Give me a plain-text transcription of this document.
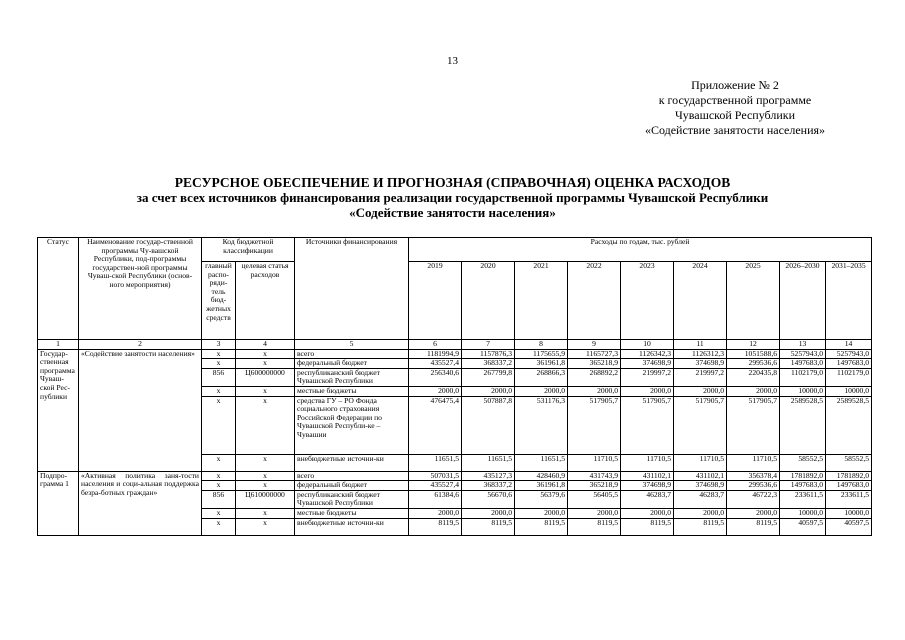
13
Приложение № 2
к государственной программе
Чувашской Республики
«Содействие занятости населения»
РЕСУРСНОЕ ОБЕСПЕЧЕНИЕ И ПРОГНОЗНАЯ (СПРАВОЧНАЯ) ОЦЕНКА РАСХОДОВ
за счет всех источников финансирования реализации государственной программы Чувашской Республики
«Содействие занятости населения»
Статус	Наименование государ-ственной программы Чу-вашской Республики, под-программы государствен-ной программы Чуваш-ской Республики (основ-ного мероприятия)	Код бюджетной классификации		Источники финансирования	Расходы по годам, тыс. рублей								
		главный распо-ряди-тель бюд-жетных средств	целевая статья расходов		2019	2020	2021	2022	2023	2024	2025	2026–2030	2031–2035
1	2	3	4	5	6	7	8	9	10	11	12	13	14
Государ-ственная программа Чуваш-ской Рес-публики	«Содействие занятости населения»	x	x	всего	1181994,9	1157876,3	1175655,9	1165727,3	1126342,3	1126312,3	1051588,6	5257943,0	5257943,0
		x	x	федеральный бюджет	435527,4	368337,2	361961,8	365218,9	374698,9	374698,9	299536,6	1497683,0	1497683,0
		856	Ц600000000	республиканский бюджет Чувашской Республики	256340,6	267799,8	268866,3	268892,2	219997,2	219997,2	220435,8	1102179,0	1102179,0
		x	x	местные бюджеты	2000,0	2000,0	2000,0	2000,0	2000,0	2000,0	2000,0	10000,0	10000,0
		x	x	средства ГУ – РО Фонда социального страхования Российской Федерации по Чувашской Республи-ке – Чувашии	476475,4	507887,8	531176,3	517905,7	517905,7	517905,7	517905,7	2589528,5	2589528,5
		x	x	внебюджетные источни-ки	11651,5	11651,5	11651,5	11710,5	11710,5	11710,5	11710,5	58552,5	58552,5
Подпро-грамма 1	«Активная политика заня-тости населения и соци-альная поддержка безра-ботных граждан»	x	x	всего	507031,5	435127,3	428460,9	431743,9	431102,1	431102,1	356378,4	1781892,0	1781892,0
		x	x	федеральный бюджет	435527,4	368337,2	361961,8	365218,9	374698,9	374698,9	299536,6	1497683,0	1497683,0
		856	Ц610000000	республиканский бюджет Чувашской Республики	61384,6	56670,6	56379,6	56405,5	46283,7	46283,7	46722,3	233611,5	233611,5
		x	x	местные бюджеты	2000,0	2000,0	2000,0	2000,0	2000,0	2000,0	2000,0	10000,0	10000,0
		x	x	внебюджетные источни-ки	8119,5	8119,5	8119,5	8119,5	8119,5	8119,5	8119,5	40597,5	40597,5
